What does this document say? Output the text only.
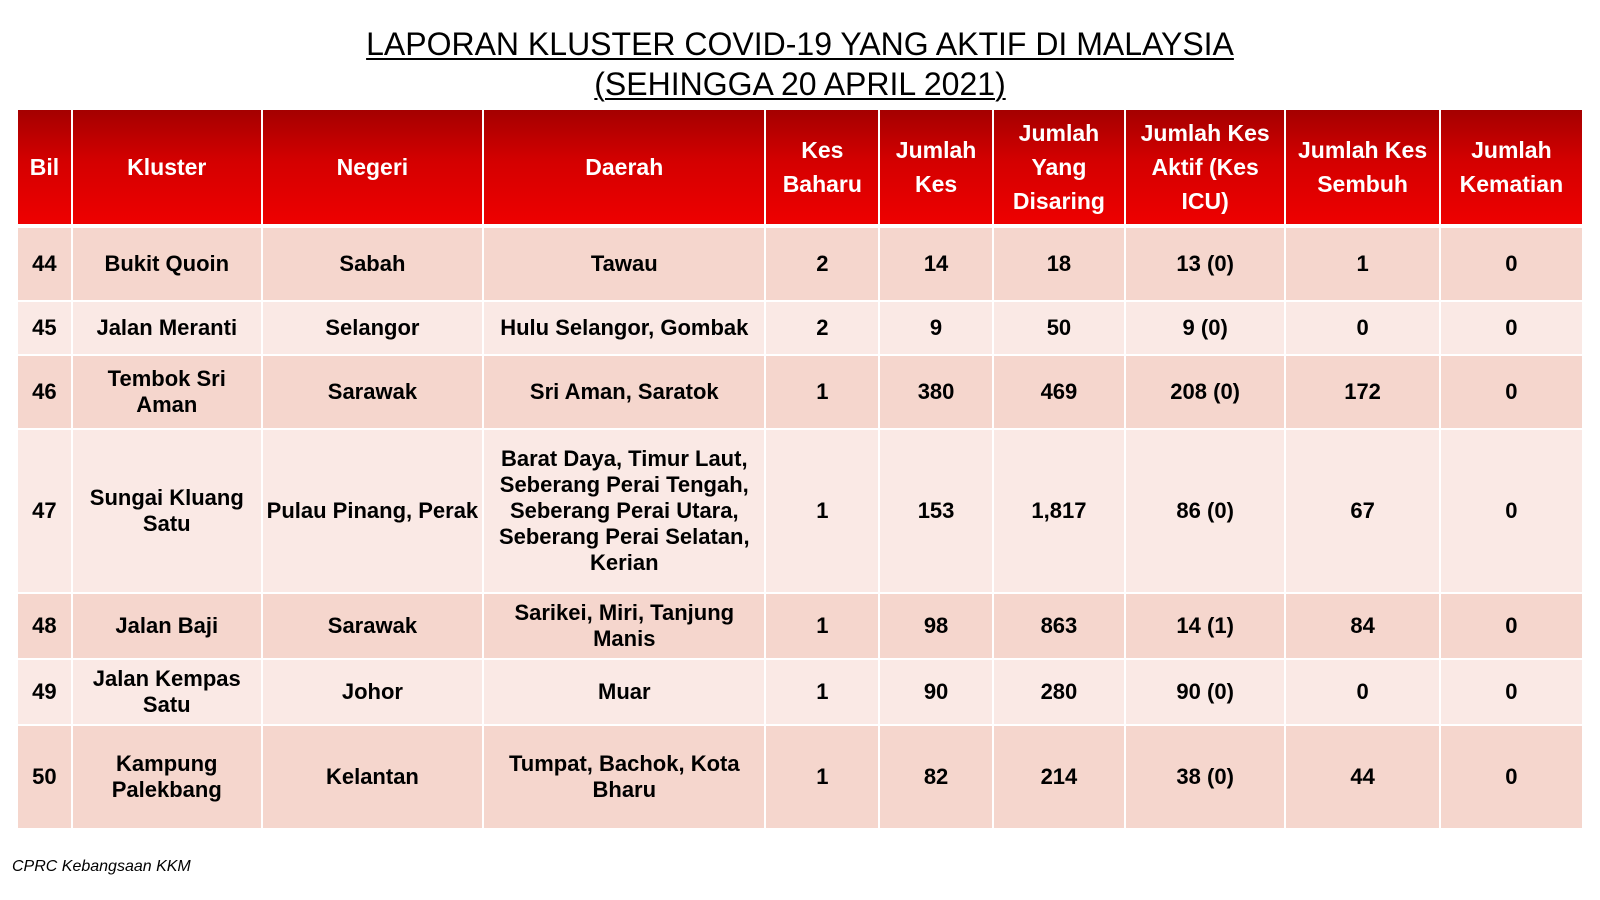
LAPORAN KLUSTER COVID-19 YANG AKTIF DI MALAYSIA
(SEHINGGA 20 APRIL 2021)
Bil	Kluster	Negeri	Daerah	Kes Baharu	Jumlah Kes	Jumlah Yang Disaring	Jumlah Kes Aktif (Kes ICU)	Jumlah Kes Sembuh	Jumlah Kematian
44	Bukit Quoin	Sabah	Tawau	2	14	18	13 (0)	1	0
45	Jalan Meranti	Selangor	Hulu Selangor, Gombak	2	9	50	9 (0)	0	0
46	Tembok Sri Aman	Sarawak	Sri Aman, Saratok	1	380	469	208 (0)	172	0
47	Sungai Kluang Satu	Pulau Pinang, Perak	Barat Daya, Timur Laut, Seberang Perai Tengah, Seberang Perai Utara, Seberang Perai Selatan, Kerian	1	153	1,817	86 (0)	67	0
48	Jalan Baji	Sarawak	Sarikei, Miri, Tanjung Manis	1	98	863	14 (1)	84	0
49	Jalan Kempas Satu	Johor	Muar	1	90	280	90 (0)	0	0
50	Kampung Palekbang	Kelantan	Tumpat, Bachok, Kota Bharu	1	82	214	38 (0)	44	0
CPRC Kebangsaan KKM
